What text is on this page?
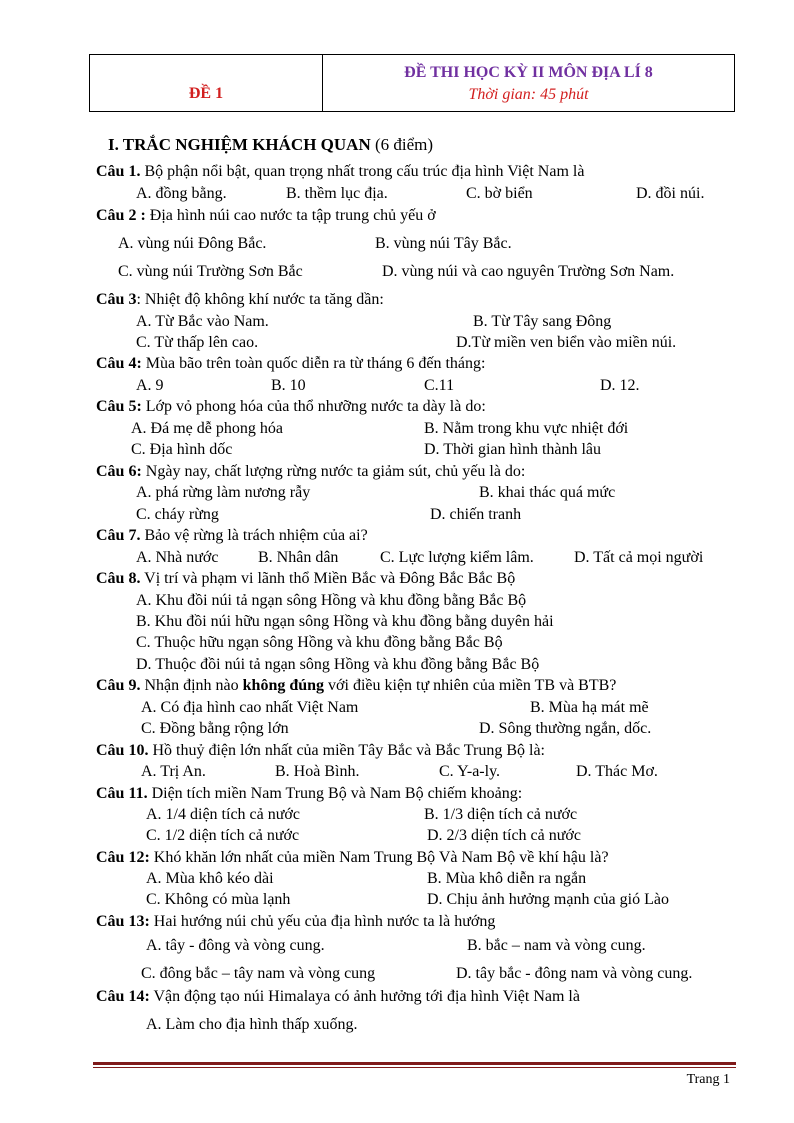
ĐỀ 1

ĐỀ THI HỌC KỲ II MÔN ĐỊA LÍ 8
Thời gian: 45 phút
I. TRẮC NGHIỆM KHÁCH QUAN (6 điểm)
Câu 1. Bộ phận nổi bật, quan trọng nhất trong cấu trúc địa hình Việt Nam là
A. đồng bằng.	B. thềm lục địa.	C. bờ biển	D. đồi núi.
Câu 2 : Địa hình núi cao nước ta tập trung chủ yếu ở
A. vùng núi Đông Bắc.	B. vùng núi Tây Bắc.
C. vùng núi Trường Sơn Bắc	D. vùng núi và cao nguyên Trường Sơn Nam.
Câu 3: Nhiệt độ không khí nước ta tăng dần:
A. Từ Bắc vào Nam.	B. Từ Tây sang Đông
C. Từ thấp lên cao.	D.Từ miền ven biển vào miền núi.
Câu 4: Mùa bão trên toàn quốc diễn ra từ tháng 6 đến tháng:
A. 9	B. 10	C.11	D. 12.
Câu 5: Lớp vỏ phong hóa của thổ nhưỡng nước ta dày là do:
A. Đá mẹ dễ phong hóa	B. Nằm trong khu vực nhiệt đới
C. Địa hình dốc	D. Thời gian hình thành lâu
Câu 6: Ngày nay, chất lượng rừng nước ta giảm sút, chủ yếu là do:
A. phá rừng làm nương rẫy	B. khai thác quá mức
C. cháy rừng	D. chiến tranh
Câu 7. Bảo vệ rừng là trách nhiệm của ai?
A. Nhà nước B. Nhân dân	C. Lực lượng kiểm lâm.	D. Tất cả mọi người
Câu 8. Vị trí và phạm vi lãnh thổ Miền Bắc và Đông Bắc Bắc Bộ
A. Khu đồi núi tả ngạn sông Hồng và khu đồng bằng Bắc Bộ
B. Khu đồi núi hữu ngạn sông Hồng và khu đồng bằng duyên hải
C. Thuộc hữu ngạn sông Hồng và khu đồng bằng Bắc Bộ
D. Thuộc đồi núi tả ngạn sông Hồng và khu đồng bằng Bắc Bộ
Câu 9. Nhận định nào không đúng với điều kiện tự nhiên của miền TB và BTB?
A. Có địa hình cao nhất Việt Nam	B. Mùa hạ mát mẽ
C. Đồng bằng rộng lớn	D. Sông thường ngắn, dốc.
Câu 10. Hồ thuỷ điện lớn nhất của miền Tây Bắc và Bắc Trung Bộ là:
A. Trị An.	B. Hoà Bình.	C. Y-a-ly.	D. Thác Mơ.
Câu 11. Diện tích miền Nam Trung Bộ và Nam Bộ chiếm khoảng:
A. 1/4 diện tích cả nước	B. 1/3 diện tích cả nước
C. 1/2 diện tích cả nước	D. 2/3 diện tích cả nước
Câu 12: Khó khăn lớn nhất của miền Nam Trung Bộ Và Nam Bộ về khí hậu là?
A. Mùa khô kéo dài	B. Mùa khô diễn ra ngắn
C. Không có mùa lạnh	D. Chịu ảnh hưởng mạnh của gió Lào
Câu 13: Hai hướng núi chủ yếu của địa hình nước ta là hướng
A. tây - đông và vòng cung.	B. bắc – nam và vòng cung.
C. đông bắc – tây nam và vòng cung	D. tây bắc - đông nam và vòng cung.
Câu 14: Vận động tạo núi Himalaya có ảnh hưởng tới địa hình Việt Nam là
A. Làm cho địa hình thấp xuống.
Trang 1
